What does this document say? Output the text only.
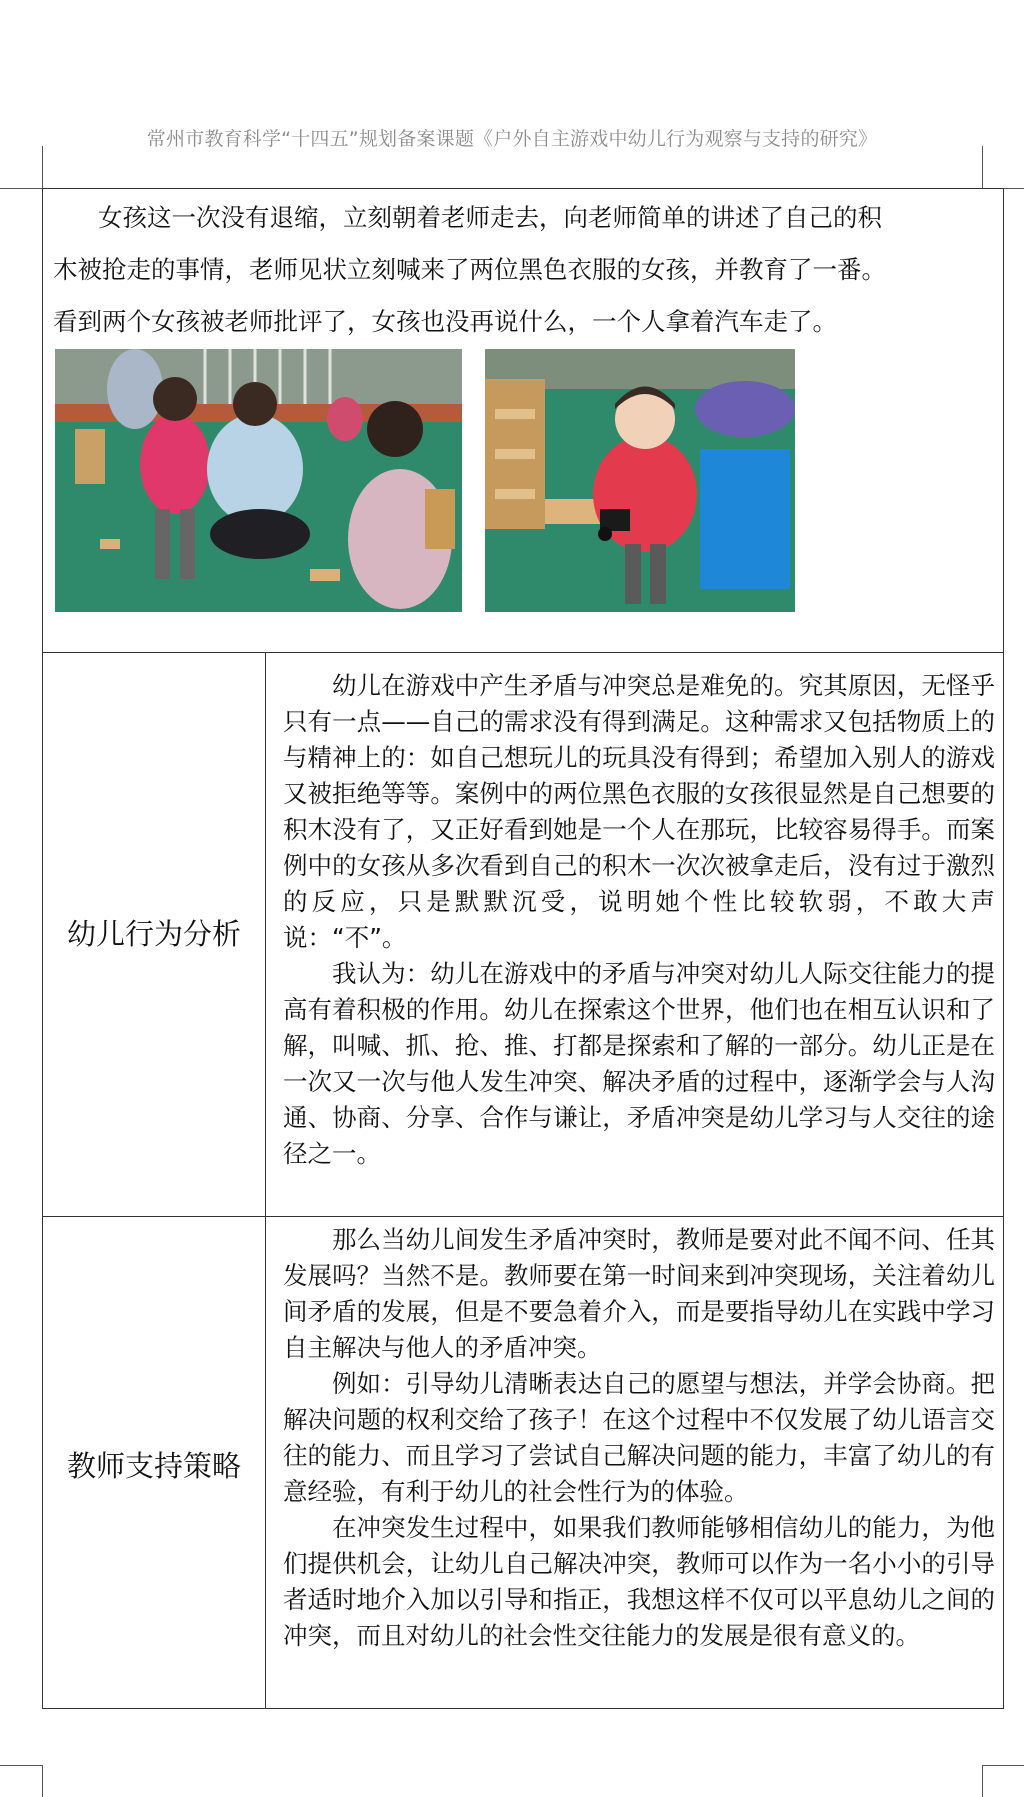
常州市教育科学“十四五”规划备案课题《户外自主游戏中幼儿行为观察与支持的研究》
女孩这一次没有退缩，立刻朝着老师走去，向老师简单的讲述了自己的积
木被抢走的事情，老师见状立刻喊来了两位黑色衣服的女孩，并教育了一番。
看到两个女孩被老师批评了，女孩也没再说什么，一个人拿着汽车走了。
幼儿行为分析

幼儿在游戏中产生矛盾与冲突总是难免的。究其原因，无怪乎只有一点——自己的需求没有得到满足。这种需求又包括物质上的与精神上的：如自己想玩儿的玩具没有得到；希望加入别人的游戏又被拒绝等等。案例中的两位黑色衣服的女孩很显然是自己想要的积木没有了，又正好看到她是一个人在那玩，比较容易得手。而案例中的女孩从多次看到自己的积木一次次被拿走后，没有过于激烈的反应，只是默默沉受，说明她个性比较软弱，不敢大声说：“不”。

我认为：幼儿在游戏中的矛盾与冲突对幼儿人际交往能力的提高有着积极的作用。幼儿在探索这个世界，他们也在相互认识和了解，叫喊、抓、抢、推、打都是探索和了解的一部分。幼儿正是在一次又一次与他人发生冲突、解决矛盾的过程中，逐渐学会与人沟通、协商、分享、合作与谦让，矛盾冲突是幼儿学习与人交往的途径之一。

教师支持策略

那么当幼儿间发生矛盾冲突时，教师是要对此不闻不问、任其发展吗？当然不是。教师要在第一时间来到冲突现场，关注着幼儿间矛盾的发展，但是不要急着介入，而是要指导幼儿在实践中学习自主解决与他人的矛盾冲突。

例如：引导幼儿清晰表达自己的愿望与想法，并学会协商。把解决问题的权利交给了孩子！在这个过程中不仅发展了幼儿语言交往的能力、而且学习了尝试自己解决问题的能力，丰富了幼儿的有意经验，有利于幼儿的社会性行为的体验。

在冲突发生过程中，如果我们教师能够相信幼儿的能力，为他们提供机会，让幼儿自己解决冲突，教师可以作为一名小小的引导者适时地介入加以引导和指正，我想这样不仅可以平息幼儿之间的冲突，而且对幼儿的社会性交往能力的发展是很有意义的。
